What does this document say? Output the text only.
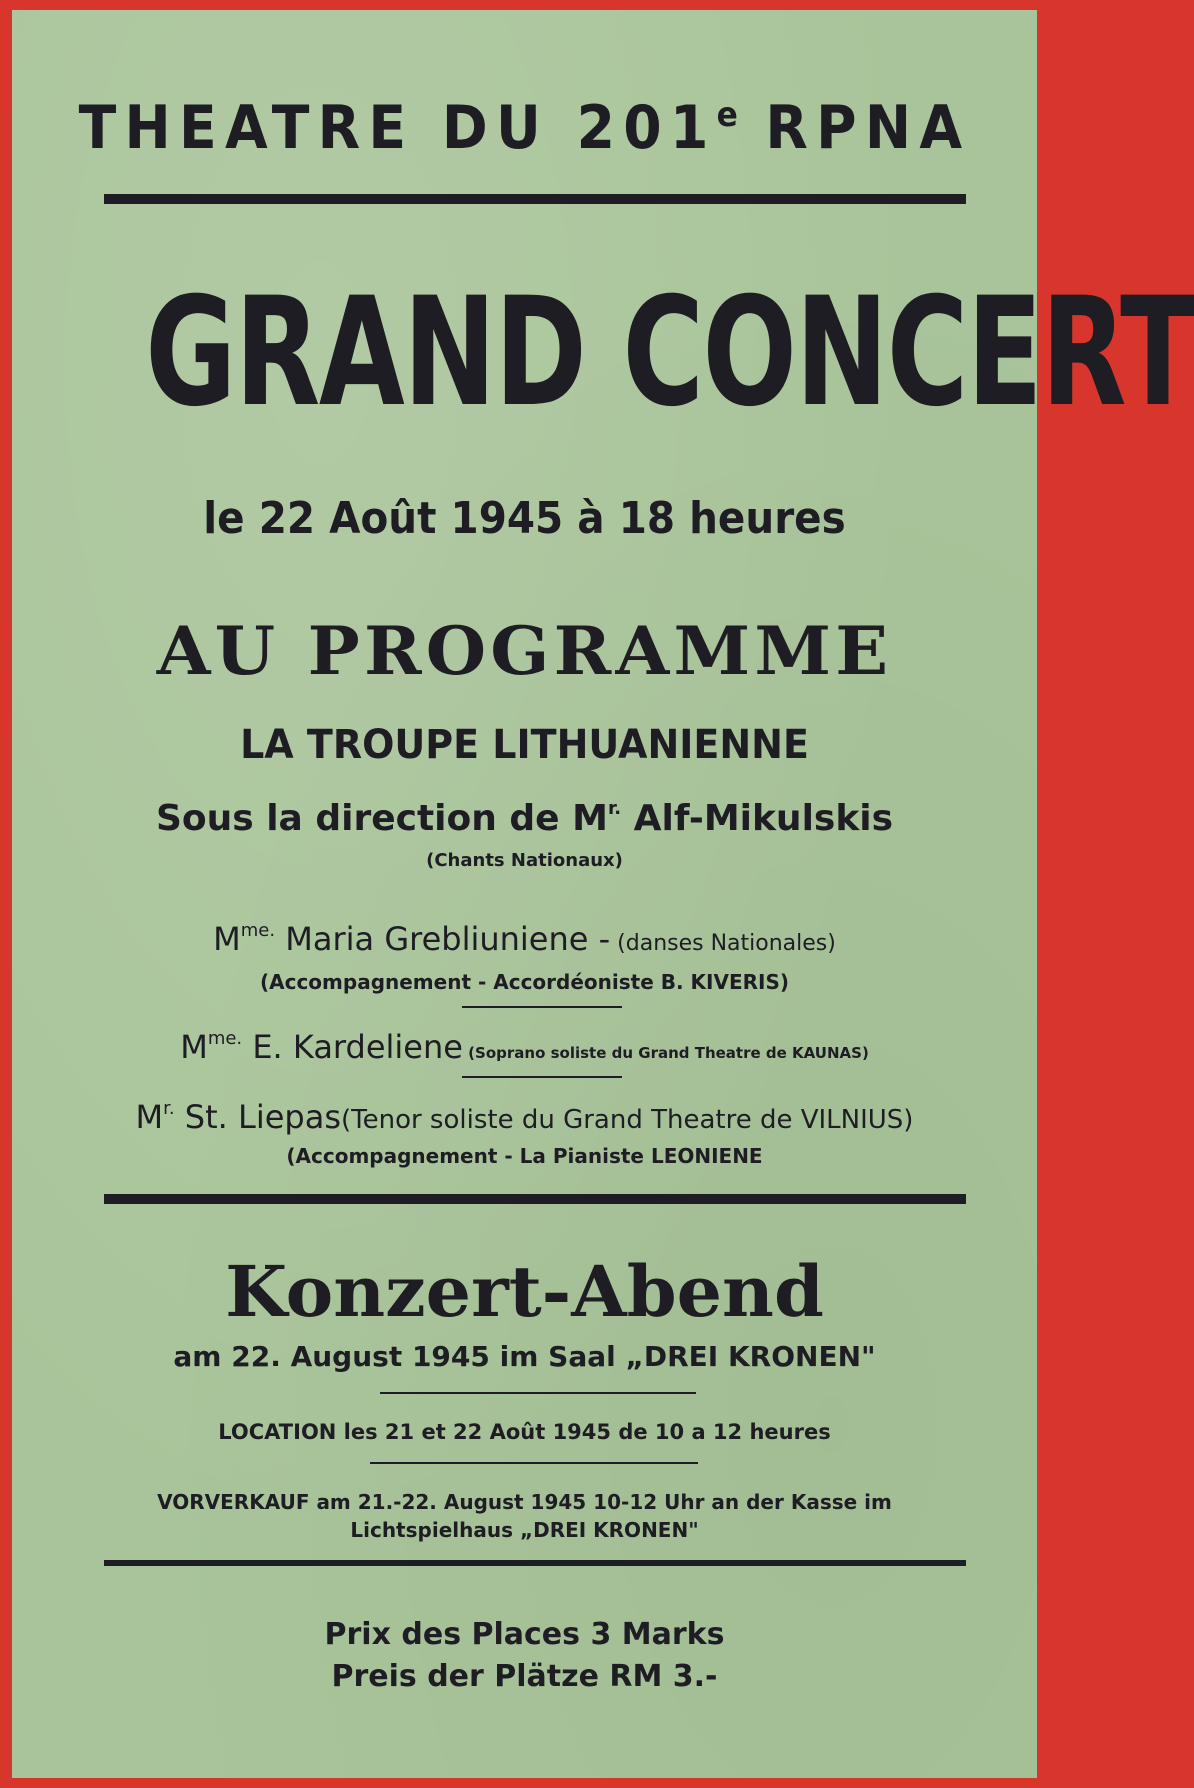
THEATRE DU 201e RPNA
GRAND CONCERT
le 22 Août 1945 à 18 heures
AU PROGRAMME
LA TROUPE LITHUANIENNE
Sous la direction de $M^{r.}$ Alf-Mikulskis
(Chants Nationaux)
$M^{me.}$ Maria Grebliuniene - (danses Nationales)
(Accompagnement - Accordéoniste B. KIVERIS)
$M^{me.}$ E. Kardeliene (Soprano soliste du Grand Theatre de KAUNAS)
$M^{r.}$ St. Liepas(Tenor soliste du Grand Theatre de VILNIUS)
(Accompagnement - La Pianiste LEONIENE
Konzert-Abend
am 22. August 1945 im Saal „DREI KRONEN"
LOCATION les 21 et 22 Août 1945 de 10 a 12 heures
VORVERKAUF am 21.-22. August 1945 10-12 Uhr an der Kasse im
Lichtspielhaus „DREI KRONEN"
Prix des Places 3 Marks
Preis der Plätze RM 3.-
